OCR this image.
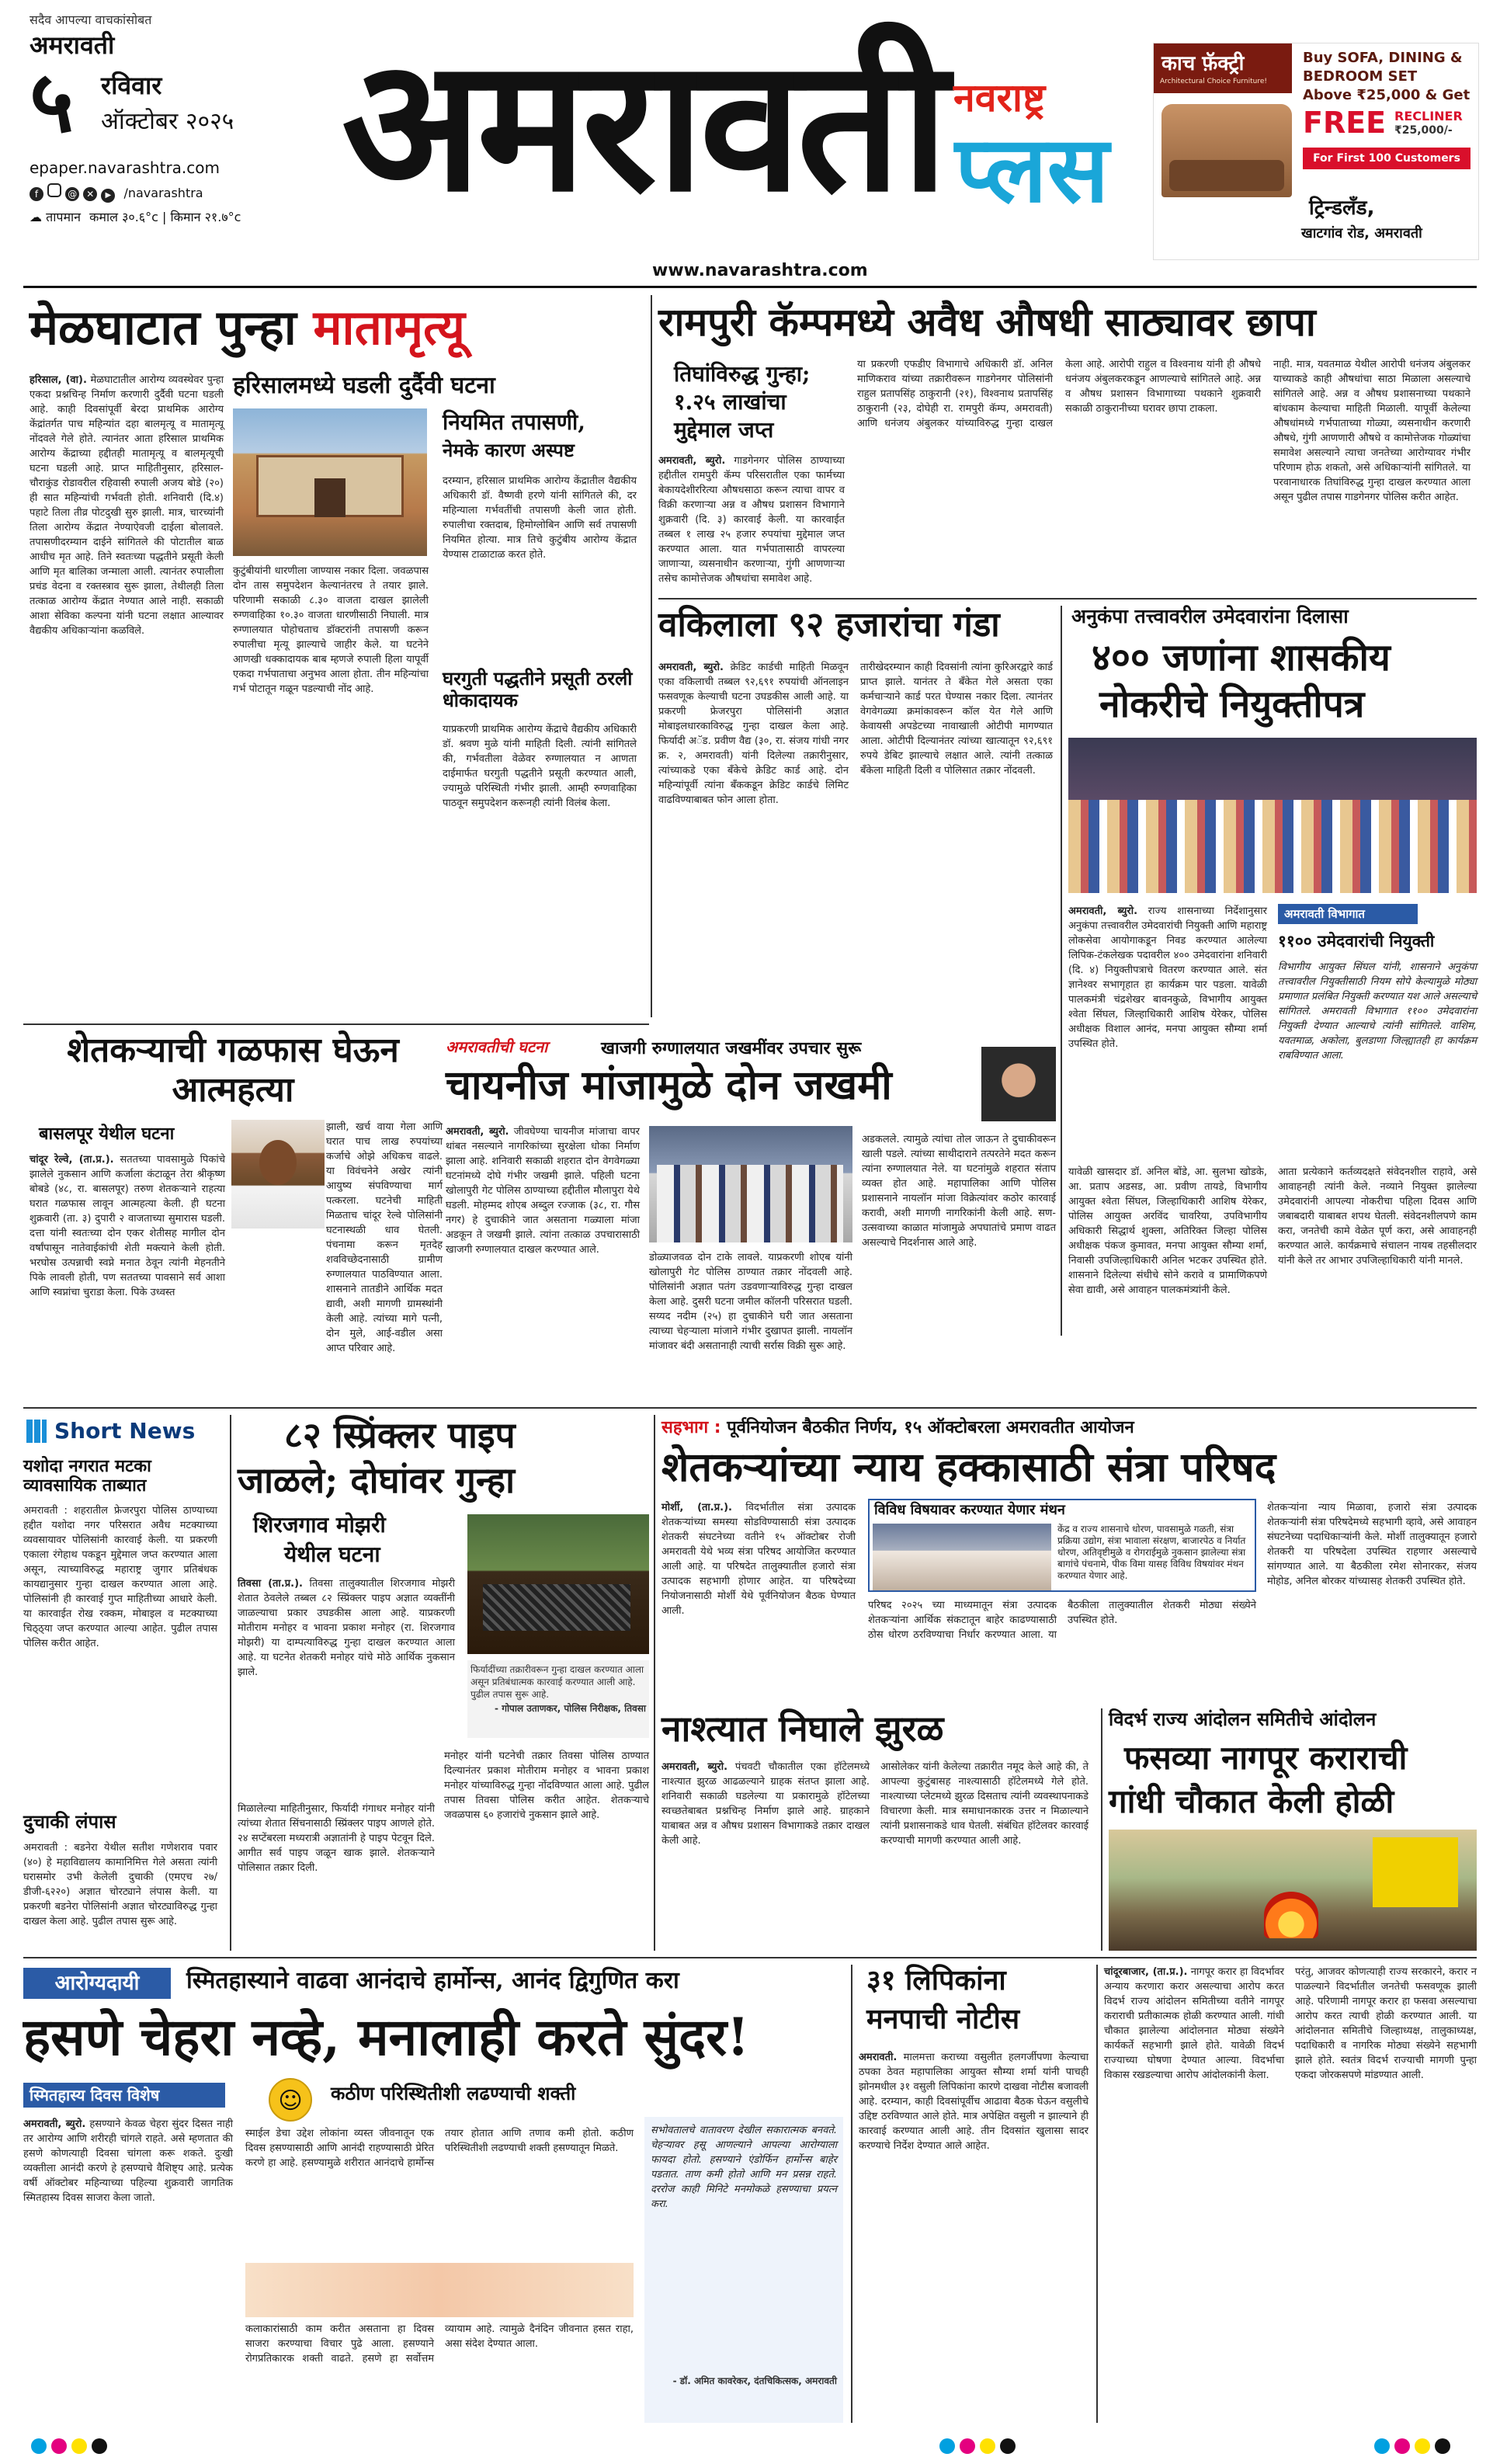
सदैव आपल्या वाचकांसोबत
अमरावती
५ रविवार
ऑक्टोबर २०२५
epaper.navarashtra.com
f	@ ✕ ▶ /navarashtra
☁ तापमान कमाल ३०.६°c | किमान २१.७°c अमरावती नवराष्ट्र
प्लस
www.navarashtra.com
काच फ़ॅक्ट्री
Architectural Choice Furniture!
Buy SOFA, DINING &
BEDROOM SET
Above ₹25,000 & Get
FREE RECLINER
₹25,000/-
For First 100 Customers
ट्रिन्डलँड,
खाटगांव रोड, अमरावती
मेळघाटात पुन्हा मातामृत्यू
हरिसालमध्ये घडली दुर्दैवी घटना

हरिसाल, (वा). मेळघाटातील आरोग्य व्यवस्थेवर पुन्हा एकदा प्रश्नचिन्ह निर्माण करणारी दुर्दैवी घटना घडली आहे. काही दिवसांपूर्वी बेरदा प्राथमिक आरोग्य केंद्रांतर्गत पाच महिन्यांत दहा बालमृत्यू व मातामृत्यू नोंदवले गेले होते. त्यानंतर आता हरिसाल प्राथमिक आरोग्य केंद्राच्या हद्दीतही मातामृत्यू व बालमृत्यूची घटना घडली आहे. प्राप्त माहितीनुसार, हरिसाल-चौराकुंड रोडावरील रहिवासी रुपाली अजय बोडे (२०) ही सात महिन्यांची गर्भवती होती. शनिवारी (दि.४) पहाटे तिला तीव्र पोटदुखी सुरु झाली. मात्र, चारच्यांनी तिला आरोग्य केंद्रात नेण्याऐवजी दाईला बोलावले. तपासणीदरम्यान दाईने सांगितले की पोटातील बाळ आधीच मृत आहे. तिने स्वतःच्या पद्धतीने प्रसूती केली आणि मृत बालिका जन्माला आली. त्यानंतर रुपालीला प्रचंड वेदना व रक्तस्त्राव सुरू झाला, तेथीलही तिला तत्काळ आरोग्य केंद्रात नेण्यात आले नाही. सकाळी आशा सेविका कल्पना यांनी घटना लक्षात आल्यावर वैद्यकीय अधिकाऱ्यांना कळविले.

नियमित तपासणी,
नेमके कारण अस्पष्ट

दरम्यान, हरिसाल प्राथमिक आरोग्य केंद्रातील वैद्यकीय अधिकारी डॉ. वैष्णवी हरणे यांनी सांगितले की, दर महिन्याला गर्भवतींची तपासणी केली जात होती. रुपालीचा रक्तदाब, हिमोग्लोबिन आणि सर्व तपासणी नियमित होत्या. मात्र तिचे कुटुंबीय आरोग्य केंद्रात येण्यास टाळाटाळ करत होते.

कुटुंबीयांनी धारणीला जाण्यास नकार दिला. जवळपास दोन तास समुपदेशन केल्यानंतरच ते तयार झाले. परिणामी सकाळी ८.३० वाजता दाखल झालेली रुग्णवाहिका १०.३० वाजता धारणीसाठी निघाली. मात्र रुग्णालयात पोहोचताच डॉक्टरांनी तपासणी करून रुपालीचा मृत्यू झाल्याचे जाहीर केले. या घटनेने आणखी धक्कादायक बाब म्हणजे रुपाली हिला यापूर्वी एकदा गर्भपाताचा अनुभव आला होता. तीन महिन्यांचा गर्भ पोटातून गळून पडल्याची नोंद आहे.	घरगुती पद्धतीने प्रसूती ठरली धोकादायक

याप्रकरणी प्राथमिक आरोग्य केंद्राचे वैद्यकीय अधिकारी डॉ. श्रवण मुळे यांनी माहिती दिली. त्यांनी सांगितले की, गर्भवतीला वेळेवर रुग्णालयात न आणता दाईमार्फत घरगुती पद्धतीने प्रसूती करण्यात आली, ज्यामुळे परिस्थिती गंभीर झाली. आम्ही रुग्णवाहिका पाठवून समुपदेशन करूनही त्यांनी विलंब केला.

रामपुरी कॅम्पमध्ये अवैध औषधी साठ्यावर छापा
तिघांविरुद्ध गुन्हा;
१.२५ लाखांचा
मुद्देमाल जप्त

अमरावती, ब्युरो. गाडगेनगर पोलिस ठाण्याच्या हद्दीतील रामपुरी कॅम्प परिसरातील एका फार्मच्या बेकायदेशीररित्या औषधसाठा करून त्याचा वापर व विक्री करणाऱ्या अन्न व औषध प्रशासन विभागाने शुक्रवारी (दि. ३) कारवाई केली. या कारवाईत तब्बल १ लाख २५ हजार रुपयांचा मुद्देमाल जप्त करण्यात आला. यात गर्भपातासाठी वापरल्या जाणाऱ्या, व्यसनाधीन करणाऱ्या, गुंगी आणणाऱ्या तसेच कामोत्तेजक औषधांचा समावेश आहे.

या प्रकरणी एफडीए विभागाचे अधिकारी डॉ. अनिल माणिकराव यांच्या तक्रारीवरून गाडगेनगर पोलिसांनी राहुल प्रतापसिंह ठाकुरानी (२१), विश्वनाथ प्रतापसिंह ठाकुरानी (२३, दोघेही रा. रामपुरी कॅम्प, अमरावती) आणि धनंजय अंबुलकर यांच्याविरुद्ध गुन्हा दाखल केला आहे. आरोपी राहुल व विश्वनाथ यांनी ही औषधे धनंजय अंबुलकरकडून आणल्याचे सांगितले आहे. अन्न व औषध प्रशासन विभागाच्या पथकाने शुक्रवारी सकाळी ठाकुरानीच्या घरावर छापा टाकला.

नाही. मात्र, यवतमाळ येथील आरोपी धनंजय अंबुलकर याच्याकडे काही औषधांचा साठा मिळाला असल्याचे सांगितले आहे. अन्न व औषध प्रशासनाच्या पथकाने बांधकाम केल्याचा माहिती मिळाली. यापूर्वी केलेल्या औषधांमध्ये गर्भपाताच्या गोळ्या, व्यसनाधीन करणारी औषधे, गुंगी आणणारी औषधे व कामोत्तेजक गोळ्यांचा समावेश असल्याने त्याचा जनतेच्या आरोग्यावर गंभीर परिणाम होऊ शकतो, असे अधिकाऱ्यांनी सांगितले. या परवानाधारक तिघांविरुद्ध गुन्हा दाखल करण्यात आला असून पुढील तपास गाडगेनगर पोलिस करीत आहेत.

वकिलाला ९२ हजारांचा गंडा

अमरावती, ब्युरो. क्रेडिट कार्डची माहिती मिळवून एका वकिलाची तब्बल ९२,६९१ रुपयांची ऑनलाइन फसवणूक केल्याची घटना उघडकीस आली आहे. या प्रकरणी फ्रेजरपुरा पोलिसांनी अज्ञात मोबाइलधारकाविरुद्ध गुन्हा दाखल केला आहे. फिर्यादी अॅड. प्रवीण वैद्य (३०, रा. संजय गांधी नगर क्र. २, अमरावती) यांनी दिलेल्या तक्रारीनुसार, त्यांच्याकडे एका बँकेचे क्रेडिट कार्ड आहे. दोन महिन्यांपूर्वी त्यांना बँककडून क्रेडिट कार्डचे लिमिट वाढविण्याबाबत फोन आला होता.

तारीखेदरम्यान काही दिवसांनी त्यांना कुरिअरद्वारे कार्ड प्राप्त झाले. यानंतर ते बँकेत गेले असता एका कर्मचाऱ्याने कार्ड परत घेण्यास नकार दिला. त्यानंतर वेगवेगळ्या क्रमांकावरून कॉल येत गेले आणि केवायसी अपडेटच्या नावाखाली ओटीपी मागण्यात आला. ओटीपी दिल्यानंतर त्यांच्या खात्यातून ९२,६९१ रुपये डेबिट झाल्याचे लक्षात आले. त्यांनी तत्काळ बँकेला माहिती दिली व पोलिसात तक्रार नोंदवली.

अनुकंपा तत्त्वावरील उमेदवारांना दिलासा
४०० जणांना शासकीय
नोकरीचे नियुक्तीपत्र

अमरावती, ब्युरो. राज्य शासनाच्या निर्देशानुसार अनुकंपा तत्त्वावरील उमेदवारांची नियुक्ती आणि महाराष्ट्र लोकसेवा आयोगाकडून निवड करण्यात आलेल्या लिपिक-टंकलेखक पदावरील ४०० उमेदवारांना शनिवारी (दि. ४) नियुक्तीपत्राचे वितरण करण्यात आले. संत ज्ञानेश्वर सभागृहात हा कार्यक्रम पार पडला. यावेळी पालकमंत्री चंद्रशेखर बावनकुळे, विभागीय आयुक्त श्वेता सिंघल, जिल्हाधिकारी आशिष येरेकर, पोलिस अधीक्षक विशाल आनंद, मनपा आयुक्त सौम्या शर्मा उपस्थित होते.

अमरावती विभागात
११०० उमेदवारांची नियुक्ती

विभागीय आयुक्त सिंघल यांनी, शासनाने अनुकंपा तत्त्वावरील नियुक्तीसाठी नियम सोपे केल्यामुळे मोठ्या प्रमाणात प्रलंबित नियुक्ती करण्यात यश आले असल्याचे सांगितले. अमरावती विभागात ११०० उमेदवारांना नियुक्ती देण्यात आल्याचे त्यांनी सांगितले. वाशिम, यवतमाळ, अकोला, बुलडाणा जिल्ह्यातही हा कार्यक्रम राबविण्यात आला.

यावेळी खासदार डॉ. अनिल बोंडे, आ. सुलभा खोडके, आ. प्रताप अडसड, आ. प्रवीण तायडे, विभागीय आयुक्त श्वेता सिंघल, जिल्हाधिकारी आशिष येरेकर, पोलिस आयुक्त अरविंद चावरिया, उपविभागीय अधिकारी सिद्धार्थ शुक्ला, अतिरिक्त जिल्हा पोलिस अधीक्षक पंकज कुमावत, मनपा आयुक्त सौम्या शर्मा, निवासी उपजिल्हाधिकारी अनिल भटकर उपस्थित होते. शासनाने दिलेल्या संधीचे सोने करावे व प्रामाणिकपणे सेवा द्यावी, असे आवाहन पालकमंत्र्यांनी केले.

आता प्रत्येकाने कर्तव्यदक्षते संवेदनशील राहावे, असे आवाहनही त्यांनी केले. नव्याने नियुक्त झालेल्या उमेदवारांनी आपल्या नोकरीचा पहिला दिवस आणि जबाबदारी याबाबत शपथ घेतली. संवेदनशीलपणे काम करा, जनतेची कामे वेळेत पूर्ण करा, असे आवाहनही करण्यात आले. कार्यक्रमाचे संचालन नायब तहसीलदार यांनी केले तर आभार उपजिल्हाधिकारी यांनी मानले.

शेतकऱ्याची गळफास घेऊन आत्महत्या
बासलपूर येथील घटना

चांदूर रेल्वे, (ता.प्र.). सततच्या पावसामुळे पिकांचे झालेले नुकसान आणि कर्जाला कंटाळून तेरा श्रीकृष्ण बोबडे (४८, रा. बासलपूर) तरुण शेतकऱ्याने राहत्या घरात गळफास लावून आत्महत्या केली. ही घटना शुक्रवारी (ता. ३) दुपारी २ वाजताच्या सुमारास घडली. दत्ता यांनी स्वतःच्या दोन एकर शेतीसह मागील दोन वर्षांपासून नातेवाईकांची शेती मक्त्याने केली होती. भरघोस उत्पन्नाची स्वप्ने मनात ठेवून त्यांनी मेहनतीने पिके लावली होती, पण सततच्या पावसाने सर्व आशा आणि स्वप्नांचा चुराडा केला. पिके उध्वस्त

झाली, खर्च वाया गेला आणि घरात पाच लाख रुपयांच्या कर्जाचे ओझे अधिकच वाढले. या विवंचनेने अखेर त्यांनी आयुष्य संपविण्याचा मार्ग पत्करला. घटनेची माहिती मिळताच चांदूर रेल्वे पोलिसांनी घटनास्थळी धाव घेतली. पंचनामा करून मृतदेह शवविच्छेदनासाठी ग्रामीण रुग्णालयात पाठविण्यात आला. शासनाने तातडीने आर्थिक मदत द्यावी, अशी मागणी ग्रामस्थांनी केली आहे. त्यांच्या मागे पत्नी, दोन मुले, आई-वडील असा आप्त परिवार आहे.

अमरावतीची घटना	खाजगी रुग्णालयात जखमींवर उपचार सुरू
चायनीज मांजामुळे दोन जखमी

अमरावती, ब्युरो. जीवघेण्या चायनीज मांजाचा वापर थांबत नसल्याने नागरिकांच्या सुरक्षेला धोका निर्माण झाला आहे. शनिवारी सकाळी शहरात दोन वेगवेगळ्या घटनांमध्ये दोघे गंभीर जखमी झाले. पहिली घटना खोलापुरी गेट पोलिस ठाण्याच्या हद्दीतील मौलापुरा येथे घडली. मोहम्मद शोएब अब्दुल रज्जाक (३८, रा. गौस नगर) हे दुचाकीने जात असताना गळ्याला मांजा अडकून ते जखमी झाले. त्यांना तत्काळ उपचारासाठी खाजगी रुग्णालयात दाखल करण्यात आले.

डोळ्याजवळ दोन टाके लावले. याप्रकरणी शोएब यांनी खोलापुरी गेट पोलिस ठाण्यात तक्रार नोंदवली आहे. पोलिसांनी अज्ञात पतंग उडवणाऱ्याविरुद्ध गुन्हा दाखल केला आहे. दुसरी घटना जमील कॉलनी परिसरात घडली. सय्यद नदीम (२५) हा दुचाकीने घरी जात असताना त्याच्या चेहऱ्याला मांजाने गंभीर दुखापत झाली. नायलॉन मांजावर बंदी असतानाही त्याची सर्रास विक्री सुरू आहे.

अडकलले. त्यामुळे त्यांचा तोल जाऊन ते दुचाकीवरून खाली पडले. त्यांच्या साथीदाराने तत्परतेने मदत करून त्यांना रुग्णालयात नेले. या घटनांमुळे शहरात संताप व्यक्त होत आहे. महापालिका आणि पोलिस प्रशासनाने नायलॉन मांजा विक्रेत्यांवर कठोर कारवाई करावी, अशी मागणी नागरिकांनी केली आहे. सण-उत्सवाच्या काळात मांजामुळे अपघातांचे प्रमाण वाढत असल्याचे निदर्शनास आले आहे.

Short News
यशोदा नगरात मटका व्यावसायिक ताब्यात
अमरावती : शहरातील फ्रेजरपुरा पोलिस ठाण्याच्या हद्दीत यशोदा नगर परिसरात अवैध मटक्याच्या व्यवसायावर पोलिसांनी कारवाई केली. या प्रकरणी एकाला रंगेहाथ पकडून मुद्देमाल जप्त करण्यात आला असून, त्याच्याविरुद्ध महाराष्ट्र जुगार प्रतिबंधक कायद्यानुसार गुन्हा दाखल करण्यात आला आहे. पोलिसांनी ही कारवाई गुप्त माहितीच्या आधारे केली. या कारवाईत रोख रक्कम, मोबाइल व मटक्याच्या चिठ्ठ्या जप्त करण्यात आल्या आहेत. पुढील तपास पोलिस करीत आहेत.
दुचाकी लंपास
अमरावती : बडनेरा येथील सतीश गणेशराव पवार (४०) हे महाविद्यालय कामानिमित्त गेले असता त्यांनी घरासमोर उभी केलेली दुचाकी (एमएच २७/डीजी-६२२०) अज्ञात चोरट्याने लंपास केली. या प्रकरणी बडनेरा पोलिसांनी अज्ञात चोरट्याविरुद्ध गुन्हा दाखल केला आहे. पुढील तपास सुरू आहे.
८२ स्प्रिंक्लर पाइप
जाळले; दोघांवर गुन्हा
शिरजगाव मोझरी
येथील घटना

तिवसा (ता.प्र.). तिवसा तालुक्यातील शिरजगाव मोझरी शेतात ठेवलेले तब्बल ८२ स्प्रिंक्लर पाइप अज्ञात व्यक्तींनी जाळल्याचा प्रकार उघडकीस आला आहे. याप्रकरणी मोतीराम मनोहर व भावना प्रकाश मनोहर (रा. शिरजगाव मोझरी) या दाम्पत्याविरुद्ध गुन्हा दाखल करण्यात आला आहे. या घटनेत शेतकरी मनोहर यांचे मोठे आर्थिक नुकसान झाले.

मिळालेल्या माहितीनुसार, फिर्यादी गंगाधर मनोहर यांनी त्यांच्या शेतात सिंचनासाठी स्प्रिंक्लर पाइप आणले होते. २४ सप्टेंबरला मध्यरात्री अज्ञातांनी हे पाइप पेटवून दिले. आगीत सर्व पाइप जळून खाक झाले. शेतकऱ्याने पोलिसात तक्रार दिली.

फिर्यादींच्या तक्रारीवरून गुन्हा दाखल करण्यात आला असून प्रतिबंधात्मक कारवाई करण्यात आली आहे. पुढील तपास सुरू आहे.
- गोपाल उताणकर, पोलिस निरीक्षक, तिवसा

मनोहर यांनी घटनेची तक्रार तिवसा पोलिस ठाण्यात दिल्यानंतर प्रकाश मोतीराम मनोहर व भावना प्रकाश मनोहर यांच्याविरुद्ध गुन्हा नोंदविण्यात आला आहे. पुढील तपास तिवसा पोलिस करीत आहेत. शेतकऱ्याचे जवळपास ६० हजारांचे नुकसान झाले आहे.

सहभाग : पूर्वनियोजन बैठकीत निर्णय, १५ ऑक्टोबरला अमरावतीत आयोजन
शेतकऱ्यांच्या न्याय हक्कासाठी संत्रा परिषद

मोर्शी, (ता.प्र.). विदर्भातील संत्रा उत्पादक शेतकऱ्यांच्या समस्या सोडविण्यासाठी संत्रा उत्पादक शेतकरी संघटनेच्या वतीने १५ ऑक्टोबर रोजी अमरावती येथे भव्य संत्रा परिषद आयोजित करण्यात आली आहे. या परिषदेत तालुक्यातील हजारो संत्रा उत्पादक सहभागी होणार आहेत. या परिषदेच्या नियोजनासाठी मोर्शी येथे पूर्वनियोजन बैठक घेण्यात आली.

विविध विषयावर करण्यात येणार मंथन
केंद्र व राज्य शासनाचे धोरण, पावसामुळे गळती, संत्रा प्रक्रिया उद्योग, संत्रा भावाला संरक्षण, बाजारपेठ व निर्यात धोरण, अतिवृष्टीमुळे व रोगराईमुळे नुकसान झालेल्या संत्रा बागांचे पंचनामे, पीक विमा यासह विविध विषयांवर मंथन करण्यात येणार आहे.

परिषद २०२५ च्या माध्यमातून संत्रा उत्पादक शेतकऱ्यांना आर्थिक संकटातून बाहेर काढण्यासाठी ठोस धोरण ठरविण्याचा निर्धार करण्यात आला. या बैठकीला तालुक्यातील शेतकरी मोठ्या संख्येने उपस्थित होते.

शेतकऱ्यांना न्याय मिळावा, हजारो संत्रा उत्पादक शेतकऱ्यांनी संत्रा परिषदेमध्ये सहभागी व्हावे, असे आवाहन संघटनेच्या पदाधिकाऱ्यांनी केले. मोर्शी तालुक्यातून हजारो शेतकरी या परिषदेला उपस्थित राहणार असल्याचे सांगण्यात आले. या बैठकीला रमेश सोनारकर, संजय मोहोड, अनिल बोरकर यांच्यासह शेतकरी उपस्थित होते.

नाश्त्यात निघाले झुरळ

अमरावती, ब्युरो. पंचवटी चौकातील एका हॉटेलमध्ये नाश्त्यात झुरळ आढळल्याने ग्राहक संतप्त झाला आहे. शनिवारी सकाळी घडलेल्या या प्रकारामुळे हॉटेलच्या स्वच्छतेबाबत प्रश्नचिन्ह निर्माण झाले आहे. ग्राहकाने याबाबत अन्न व औषध प्रशासन विभागाकडे तक्रार दाखल केली आहे.

आसोलेकर यांनी केलेल्या तक्रारीत नमूद केले आहे की, ते आपल्या कुटुंबासह नाश्त्यासाठी हॉटेलमध्ये गेले होते. नाश्त्याच्या प्लेटमध्ये झुरळ दिसताच त्यांनी व्यवस्थापनाकडे विचारणा केली. मात्र समाधानकारक उत्तर न मिळाल्याने त्यांनी प्रशासनाकडे धाव घेतली. संबंधित हॉटेलवर कारवाई करण्याची मागणी करण्यात आली आहे.

विदर्भ राज्य आंदोलन समितीचे आंदोलन
फसव्या नागपूर कराराची
गांधी चौकात केली होळी
आरोग्यदायी	स्मितहास्याने वाढवा आनंदाचे हार्मोन्स, आनंद द्विगुणित करा
हसणे चेहरा नव्हे, मनालाही करते सुंदर!
स्मितहास्य दिवस विशेष	☺	कठीण परिस्थितीशी लढण्याची शक्ती

अमरावती, ब्युरो. हसण्याने केवळ चेहरा सुंदर दिसत नाही तर आरोग्य आणि शरीरही चांगले राहते. असे म्हणतात की हसणे कोणत्याही दिवसा चांगला करू शकते. दुःखी व्यक्तीला आनंदी करणे हे हसण्याचे वैशिष्ट्य आहे. प्रत्येक वर्षी ऑक्टोबर महिन्याच्या पहिल्या शुक्रवारी जागतिक स्मितहास्य दिवस साजरा केला जातो.

स्माईल डेचा उद्देश लोकांना व्यस्त जीवनातून एक दिवस हसण्यासाठी आणि आनंदी राहण्यासाठी प्रेरित करणे हा आहे. हसण्यामुळे शरीरात आनंदाचे हार्मोन्स तयार होतात आणि तणाव कमी होतो. कठीण परिस्थितीशी लढण्याची शक्ती हसण्यातून मिळते.

कलाकारांसाठी काम करीत असताना हा दिवस साजरा करण्याचा विचार पुढे आला. हसण्याने रोगप्रतिकारक शक्ती वाढते. हसणे हा सर्वोत्तम व्यायाम आहे. त्यामुळे दैनंदिन जीवनात हसत राहा, असा संदेश देण्यात आला.

सभोवतालचे वातावरण देखील सकारात्मक बनवते. चेहऱ्यावर हसू आणल्याने आपल्या आरोग्याला फायदा होतो. हसण्याने एंडोर्फिन हार्मोन्स बाहेर पडतात. ताण कमी होतो आणि मन प्रसन्न राहते. दररोज काही मिनिटे मनमोकळे हसण्याचा प्रयत्न करा.
- डॉ. अमित कावरेकर, दंतचिकित्सक, अमरावती
३१ लिपिकांना
मनपाची नोटीस

अमरावती. मालमत्ता कराच्या वसुलीत हलगर्जीपणा केल्याचा ठपका ठेवत महापालिका आयुक्त सौम्या शर्मा यांनी पाचही झोनमधील ३१ वसुली लिपिकांना कारणे दाखवा नोटीस बजावली आहे. दरम्यान, काही दिवसांपूर्वीच आढावा बैठक घेऊन वसुलीचे उद्दिष्ट ठरविण्यात आले होते. मात्र अपेक्षित वसुली न झाल्याने ही कारवाई करण्यात आली आहे. तीन दिवसांत खुलासा सादर करण्याचे निर्देश देण्यात आले आहेत.

चांदूरबाजार, (ता.प्र.). नागपूर करार हा विदर्भावर अन्याय करणारा करार असल्याचा आरोप करत विदर्भ राज्य आंदोलन समितीच्या वतीने नागपूर कराराची प्रतीकात्मक होळी करण्यात आली. गांधी चौकात झालेल्या आंदोलनात मोठ्या संख्येने कार्यकर्ते सहभागी झाले होते. यावेळी विदर्भ राज्याच्या घोषणा देण्यात आल्या. विदर्भाचा विकास रखडल्याचा आरोप आंदोलकांनी केला.

परंतु, आजवर कोणत्याही राज्य सरकारने, करार न पाळल्याने विदर्भातील जनतेची फसवणूक झाली आहे. परिणामी नागपूर करार हा फसवा असल्याचा आरोप करत त्याची होळी करण्यात आली. या आंदोलनात समितीचे जिल्हाध्यक्ष, तालुकाध्यक्ष, पदाधिकारी व नागरिक मोठ्या संख्येने सहभागी झाले होते. स्वतंत्र विदर्भ राज्याची मागणी पुन्हा एकदा जोरकसपणे मांडण्यात आली.
